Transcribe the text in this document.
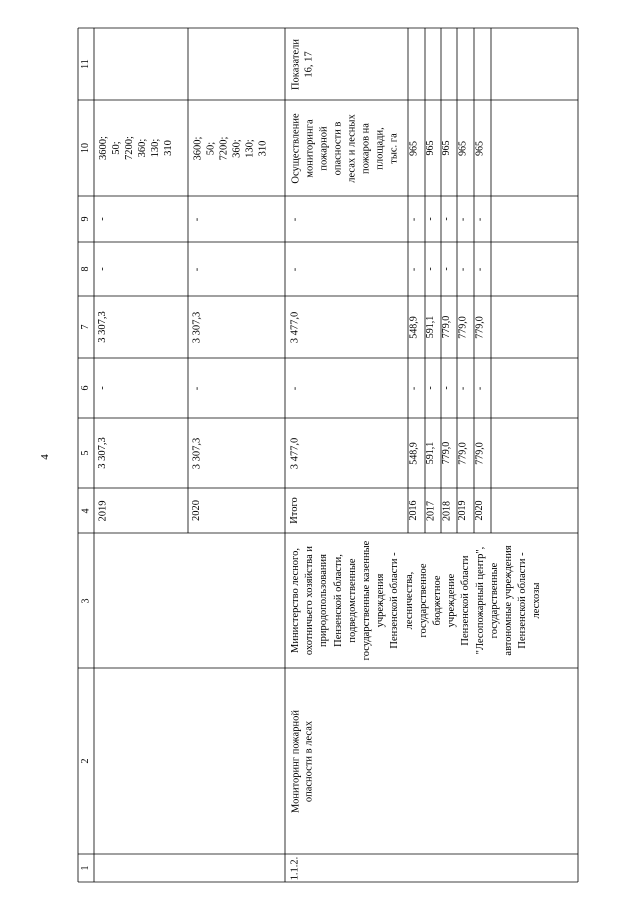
4
1
2
3
4
5
6
7
8
9
10
11
2019
3 307,3
-
3 307,3
-
-
3600; 50; 7200; 360; 130; 310
2020
3 307,3
-
3 307,3
-
-
3600; 50; 7200; 360; 130; 310
1.1.2.
Мониторинг пожарной опасности в лесах
Министерство лесного, охотничьего хозяйства и природопользования Пензенской области, подведомственные государственные казенные учреждения Пензенской области - лесничества, государственное бюджетное учреждение Пензенской области "Лесопожарный центр", государственные автономные учреждения Пензенской области - лесхозы
Итого
3 477,0
-
3 477,0
-
-
Осуществление мониторинга пожарной опасности в лесах и лесных пожаров на площади, тыс. га
Показатели 16, 17
2016
548,9
-
548,9
-
-
965
2017
591,1
-
591,1
-
-
965
2018
779,0
-
779,0
-
-
965
2019
779,0
-
779,0
-
-
965
2020
779,0
-
779,0
-
-
965
